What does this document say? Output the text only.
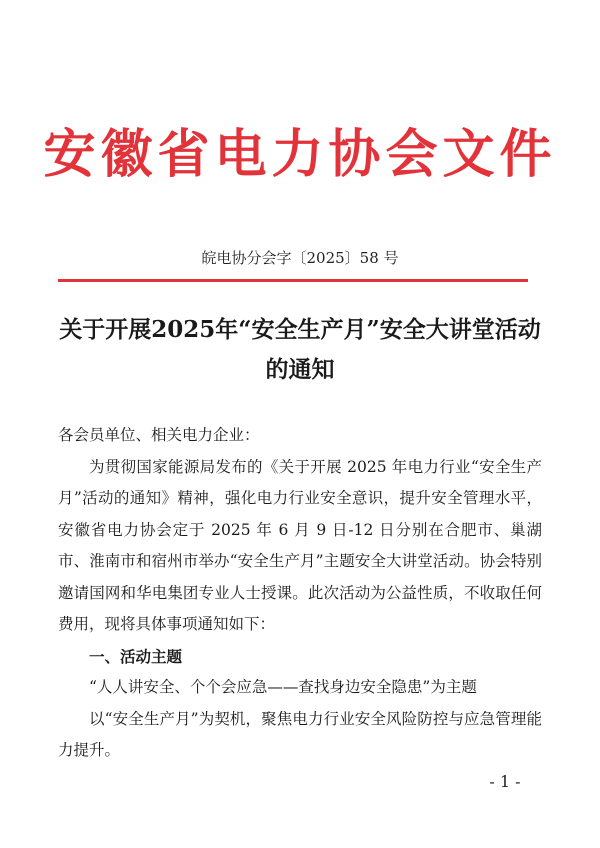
安徽省电力协会文件
皖电协分会字〔2025〕58 号
关于开展2025年“安全生产月”安全大讲堂活动
的通知

各会员单位、相关电力企业：

为贯彻国家能源局发布的《关于开展 2025 年电力行业“安全生产月”活动的通知》精神，强化电力行业安全意识，提升安全管理水平，安徽省电力协会定于 2025 年 6 月 9 日-12 日分别在合肥市、巢湖市、淮南市和宿州市举办“安全生产月”主题安全大讲堂活动。协会特别邀请国网和华电集团专业人士授课。此次活动为公益性质，不收取任何费用，现将具体事项通知如下：

一、活动主题

“人人讲安全、个个会应急——查找身边安全隐患”为主题

以“安全生产月”为契机，聚焦电力行业安全风险防控与应急管理能力提升。

- 1 -
